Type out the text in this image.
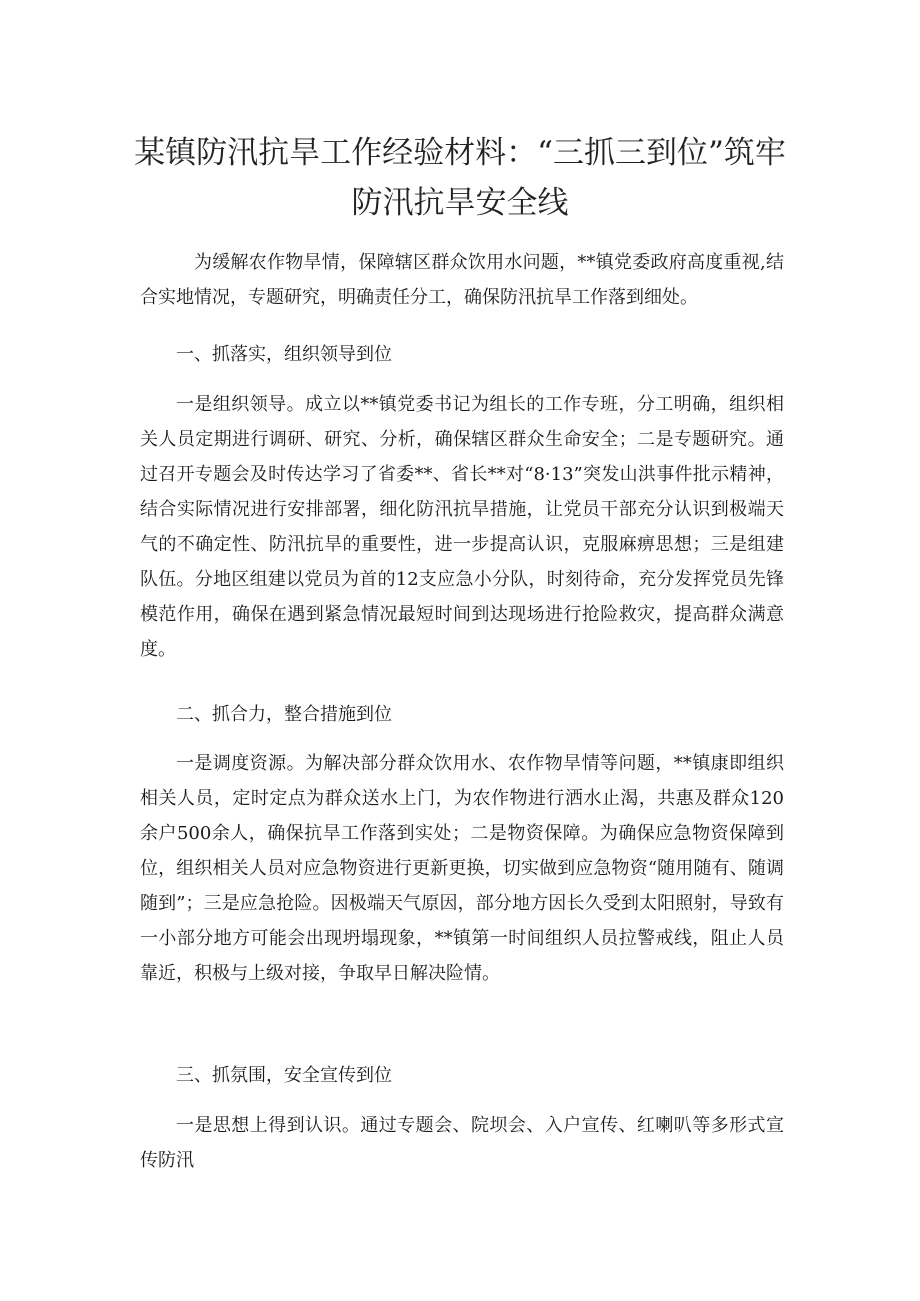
某镇防汛抗旱工作经验材料：“三抓三到位”筑牢防汛抗旱安全线

为缓解农作物旱情，保障辖区群众饮用水问题，**镇党委政府高度重视,结合实地情况，专题研究，明确责任分工，确保防汛抗旱工作落到细处。

一、抓落实，组织领导到位

一是组织领导。成立以**镇党委书记为组长的工作专班，分工明确，组织相关人员定期进行调研、研究、分析，确保辖区群众生命安全；二是专题研究。通过召开专题会及时传达学习了省委**、省长**对“8·13”突发山洪事件批示精神，结合实际情况进行安排部署，细化防汛抗旱措施，让党员干部充分认识到极端天气的不确定性、防汛抗旱的重要性，进一步提高认识，克服麻痹思想；三是组建队伍。分地区组建以党员为首的12支应急小分队，时刻待命，充分发挥党员先锋模范作用，确保在遇到紧急情况最短时间到达现场进行抢险救灾，提高群众满意度。

二、抓合力，整合措施到位

一是调度资源。为解决部分群众饮用水、农作物旱情等问题，**镇康即组织相关人员，定时定点为群众送水上门，为农作物进行洒水止渴，共惠及群众120余户500余人，确保抗旱工作落到实处；二是物资保障。为确保应急物资保障到位，组织相关人员对应急物资进行更新更换，切实做到应急物资“随用随有、随调随到”；三是应急抢险。因极端天气原因，部分地方因长久受到太阳照射，导致有一小部分地方可能会出现坍塌现象，**镇第一时间组织人员拉警戒线，阻止人员靠近，积极与上级对接，争取早日解决险情。

三、抓氛围，安全宣传到位

一是思想上得到认识。通过专题会、院坝会、入户宣传、红喇叭等多形式宣传防汛
